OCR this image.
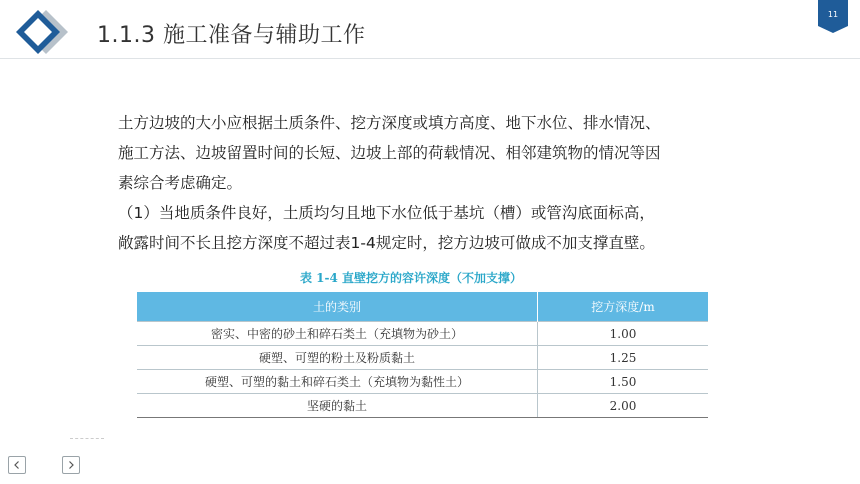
1.1.3 施工准备与辅助工作
11

土方边坡的大小应根据土质条件、挖方深度或填方高度、地下水位、排水情况、

施工方法、边坡留置时间的长短、边坡上部的荷载情况、相邻建筑物的情况等因

素综合考虑确定。

（1）当地质条件良好，土质均匀且地下水位低于基坑（槽）或管沟底面标高，

敞露时间不长且挖方深度不超过表1-4规定时，挖方边坡可做成不加支撑直壁。

表 1-4 直壁挖方的容许深度（不加支撑）
土的类别	挖方深度/m
密实、中密的砂土和碎石类土（充填物为砂土）	1.00
硬塑、可塑的粉土及粉质黏土	1.25
硬塑、可塑的黏土和碎石类土（充填物为黏性土）	1.50
坚硬的黏土	2.00
